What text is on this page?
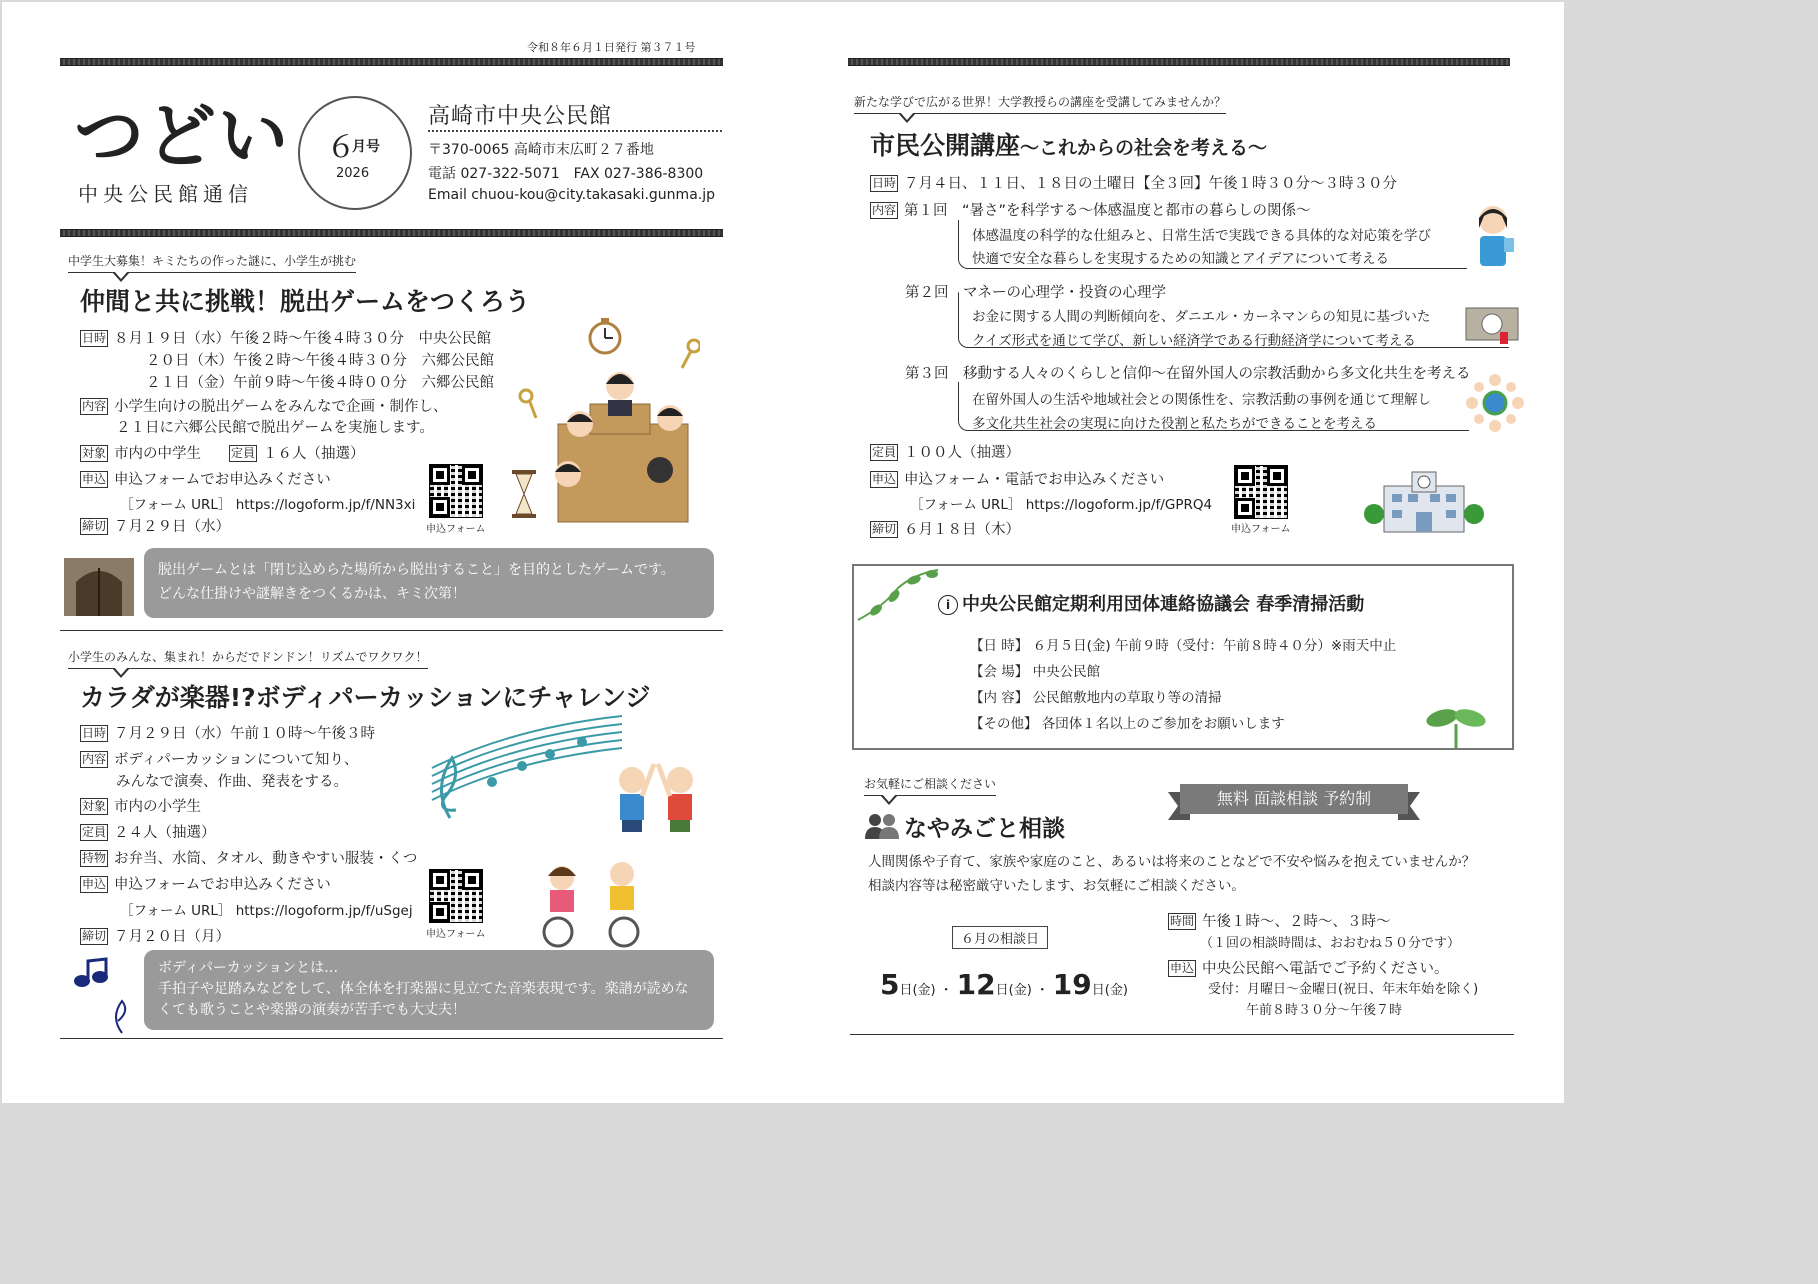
令和８年６月１日発行 第３７１号
つどい
中央公民館通信
６
月号
2026
高崎市中央公民館
〒370-0065 高崎市末広町２７番地
電話 027-322-5071　FAX 027-386-8300
Email chuou-kou@city.takasaki.gunma.jp
中学生大募集！キミたちの作った謎に、小学生が挑む
仲間と共に挑戦！脱出ゲームをつくろう
日時 ８月１９日（水）午後２時～午後４時３０分　中央公民館
２０日（木）午後２時～午後４時３０分　六郷公民館
２１日（金）午前９時～午後４時００分　六郷公民館
内容 小学生向けの脱出ゲームをみんなで企画・制作し、
２１日に六郷公民館で脱出ゲームを実施します。
対象 市内の中学生	定員 １６人（抽選）
申込 申込フォームでお申込みください
［フォーム URL］ https://logoform.jp/f/NN3xi
締切 ７月２９日（水）	申込フォーム
脱出ゲームとは「閉じ込めらた場所から脱出すること」を目的としたゲームです。
どんな仕掛けや謎解きをつくるかは、キミ次第！
小学生のみんな、集まれ！からだでドンドン！リズムでワクワク！
カラダが楽器!?ボディパーカッションにチャレンジ
日時 ７月２９日（水）午前１０時～午後３時
内容 ボディパーカッションについて知り、
みんなで演奏、作曲、発表をする。
対象 市内の小学生
定員 ２４人（抽選）
持物 お弁当、水筒、タオル、動きやすい服装・くつ
申込 申込フォームでお申込みください
［フォーム URL］ https://logoform.jp/f/uSgej
締切 ７月２０日（月）	申込フォーム
ボディパーカッションとは…
手拍子や足踏みなどをして、体全体を打楽器に見立てた音楽表現です。楽譜が読めな
くても歌うことや楽器の演奏が苦手でも大丈夫！
新たな学びで広がる世界！大学教授らの講座を受講してみませんか？
市民公開講座～これからの社会を考える～
日時 ７月４日、１１日、１８日の土曜日【全３回】午後１時３０分～３時３０分
内容 第１回　“暑さ”を科学する～体感温度と都市の暮らしの関係～
体感温度の科学的な仕組みと、日常生活で実践できる具体的な対応策を学び
快適で安全な暮らしを実現するための知識とアイデアについて考える
第２回　マネーの心理学・投資の心理学
お金に関する人間の判断傾向を、ダニエル・カーネマンらの知見に基づいた
クイズ形式を通じて学び、新しい経済学である行動経済学について考える
第３回　移動する人々のくらしと信仰～在留外国人の宗教活動から多文化共生を考える
在留外国人の生活や地域社会との関係性を、宗教活動の事例を通じて理解し
多文化共生社会の実現に向けた役割と私たちができることを考える
定員 １００人（抽選）
申込 申込フォーム・電話でお申込みください
［フォーム URL］ https://logoform.jp/f/GPRQ4
締切 ６月１８日（木）	申込フォーム
i 中央公民館定期利用団体連絡協議会 春季清掃活動
【日 時】 ６月５日(金) 午前９時（受付：午前８時４０分）※雨天中止
【会 場】 中央公民館
【内 容】 公民館敷地内の草取り等の清掃
【その他】 各団体１名以上のご参加をお願いします
お気軽にご相談ください
なやみごと相談
無料 面談相談 予約制
人間関係や子育て、家族や家庭のこと、あるいは将来のことなどで不安や悩みを抱えていませんか？
相談内容等は秘密厳守いたします、お気軽にご相談ください。
６月の相談日
5日(金) ・ 12日(金) ・ 19日(金)
時間 午後１時～、２時～、３時～
（１回の相談時間は、おおむね５０分です）
申込 中央公民館へ電話でご予約ください。
受付：月曜日～金曜日(祝日、年末年始を除く)
午前８時３０分～午後７時
